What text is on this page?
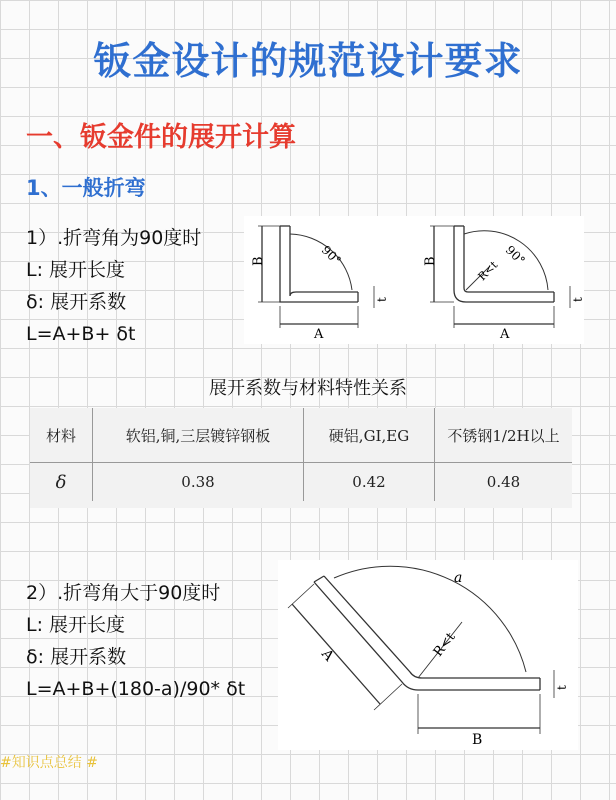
钣金设计的规范设计要求
一、钣金件的展开计算
1、一般折弯
1）.折弯角为90度时
L: 展开长度
δ: 展开系数
L=A+B+ δt
B
A
90°
t
B
A
90°
R<t
t
展开系数与材料特性关系
材料	软铝,铜,三层镀锌钢板	硬铝,GI,EG	不锈钢1/2H以上
δ	0.38	0.42	0.48
2）.折弯角大于90度时
L: 展开长度
δ: 展开系数
L=A+B+(180-a)/90* δt
a
A
B
R<t
t
#知识点总结 #
